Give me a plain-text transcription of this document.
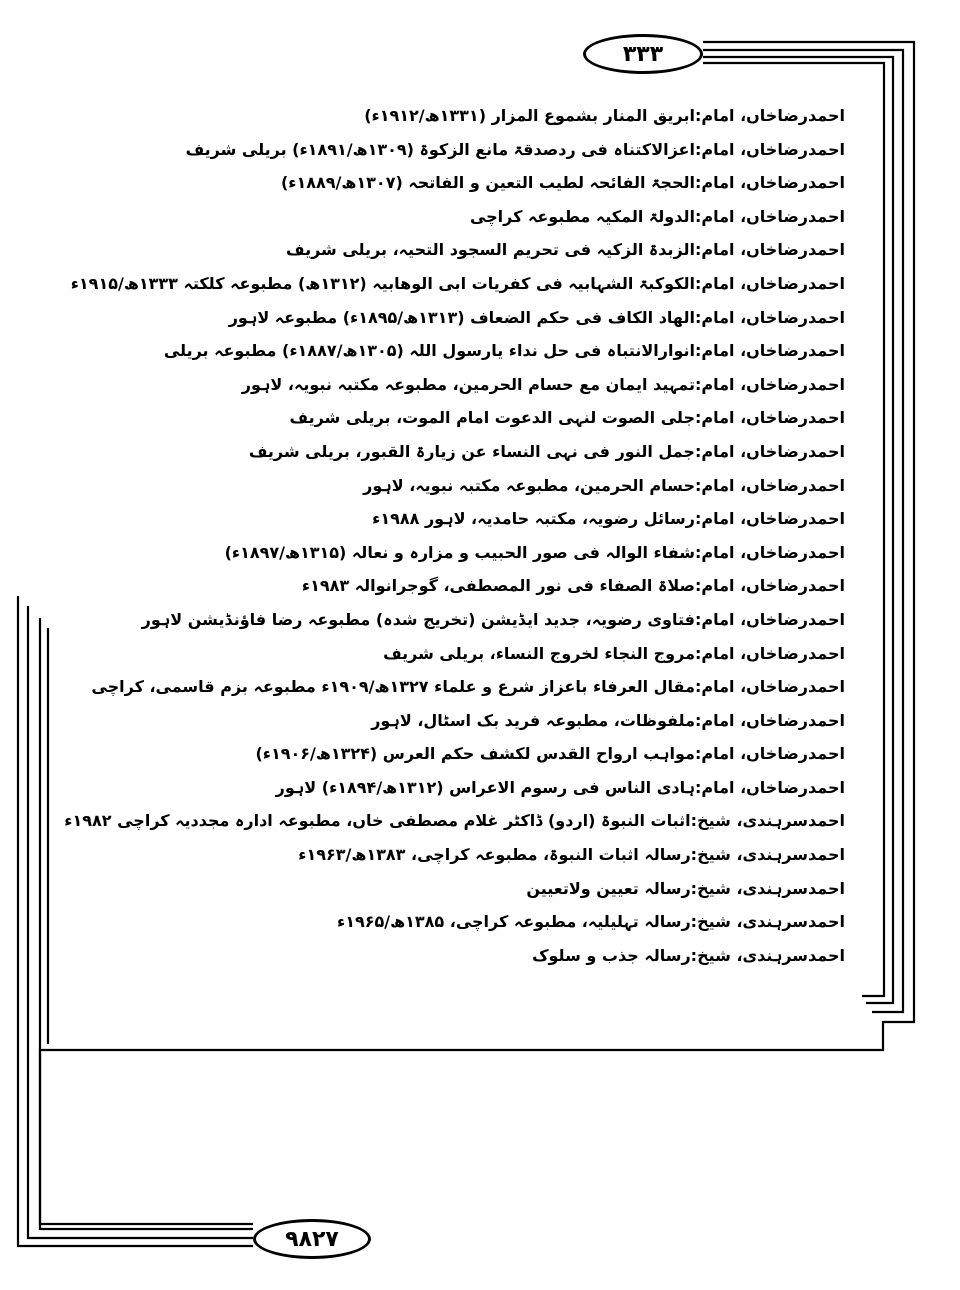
۳۳۳
۹۸۲۷
احمدرضاخاں، امام:ابریق المنار بشموع المزار (۱۳۳۱ھ/۱۹۱۲ء)
احمدرضاخاں، امام:اعزالاکتناہ فی ردصدقۃ مانع الزکوۃ (۱۳۰۹ھ/۱۸۹۱ء) بریلی شریف
احمدرضاخاں، امام:الحجۃ الفائحہ لطیب التعین و الفاتحہ (۱۳۰۷ھ/۱۸۸۹ء)
احمدرضاخاں، امام:الدولۃ المکیہ مطبوعہ کراچی
احمدرضاخاں، امام:الزبدۃ الزکیہ فی تحریم السجود التحیہ، بریلی شریف
احمدرضاخاں، امام:الکوکبۃ الشہابیہ فی کفریات ابی الوھابیہ (۱۳۱۲ھ) مطبوعہ کلکتہ ۱۳۳۳ھ/۱۹۱۵ء
احمدرضاخاں، امام:الھاد الکاف فی حکم الضعاف (۱۳۱۳ھ/۱۸۹۵ء) مطبوعہ لاہور
احمدرضاخاں، امام:انوارالانتباہ فی حل نداء یارسول اللہ (۱۳۰۵ھ/۱۸۸۷ء) مطبوعہ بریلی
احمدرضاخاں، امام:تمہید ایمان مع حسام الحرمین، مطبوعہ مکتبہ نبویہ، لاہور
احمدرضاخاں، امام:جلی الصوت لنہی الدعوت امام الموت، بریلی شریف
احمدرضاخاں، امام:جمل النور فی نہی النساء عن زیارۃ القبور، بریلی شریف
احمدرضاخاں، امام:حسام الحرمین، مطبوعہ مکتبہ نبویہ، لاہور
احمدرضاخاں، امام:رسائل رضویہ، مکتبہ حامدیہ، لاہور ۱۹۸۸ء
احمدرضاخاں، امام:شفاء الوالہ فی صور الحبیب و مزارہ و نعالہ (۱۳۱۵ھ/۱۸۹۷ء)
احمدرضاخاں، امام:صلاۃ الصفاء فی نور المصطفی، گوجرانوالہ ۱۹۸۳ء
احمدرضاخاں، امام:فتاوی رضویہ، جدید ایڈیشن (تخریج شدہ) مطبوعہ رضا فاؤنڈیشن لاہور
احمدرضاخاں، امام:مروج النجاء لخروج النساء، بریلی شریف
احمدرضاخاں، امام:مقال العرفاء باعزاز شرع و علماء ۱۳۲۷ھ/۱۹۰۹ء مطبوعہ بزم قاسمی، کراچی
احمدرضاخاں، امام:ملفوظات، مطبوعہ فرید بک اسٹال، لاہور
احمدرضاخاں، امام:مواہب ارواح القدس لکشف حکم العرس (۱۳۲۴ھ/۱۹۰۶ء)
احمدرضاخاں، امام:ہادی الناس فی رسوم الاعراس (۱۳۱۲ھ/۱۸۹۴ء) لاہور
احمدسرہندی، شیخ:اثبات النبوۃ (اردو) ڈاکٹر غلام مصطفی خاں، مطبوعہ ادارہ مجددیہ کراچی ۱۹۸۲ء
احمدسرہندی، شیخ:رسالہ اثبات النبوۃ، مطبوعہ کراچی، ۱۳۸۳ھ/۱۹۶۳ء
احمدسرہندی، شیخ:رسالہ تعیین ولاتعیین
احمدسرہندی، شیخ:رسالہ تہلیلیہ، مطبوعہ کراچی، ۱۳۸۵ھ/۱۹۶۵ء
احمدسرہندی، شیخ:رسالہ جذب و سلوک
